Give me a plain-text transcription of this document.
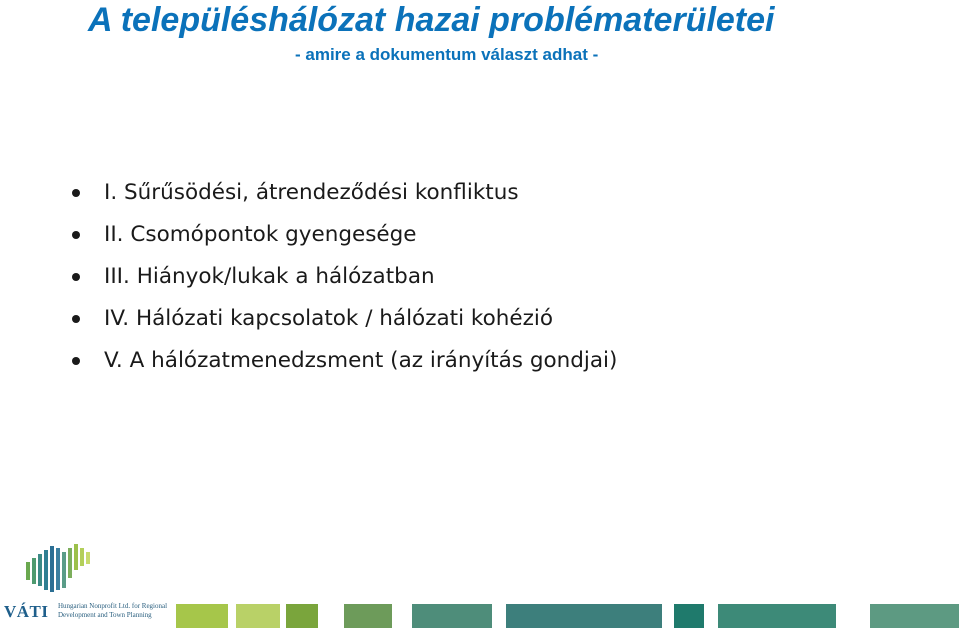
A településhálózat hazai problématerületei
- amire a dokumentum választ adhat -
I. Sűrűsödési, átrendeződési konfliktus
II. Csomópontok gyengesége
III. Hiányok/lukak a hálózatban
IV. Hálózati kapcsolatok / hálózati kohézió
V. A hálózatmenedzsment (az irányítás gondjai)
VÁTI Hungarian Nonprofit Ltd. for Regional Development and Town Planning
